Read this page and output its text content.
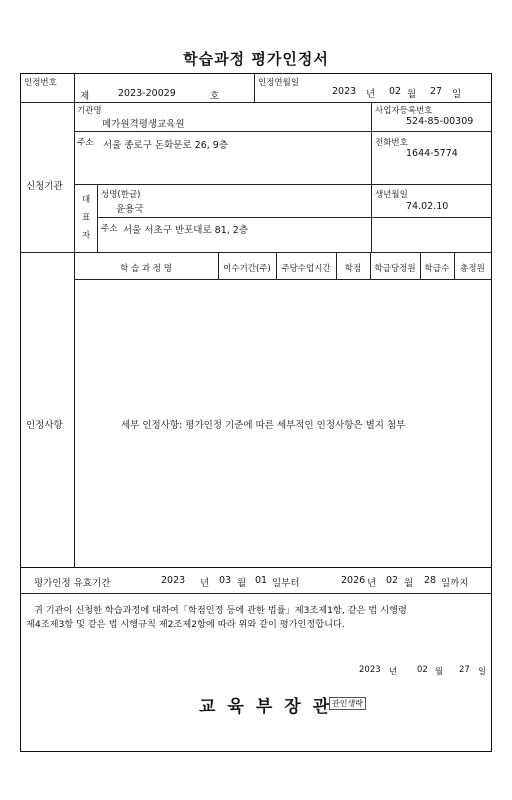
학습과정 평가인정서
인정번호
제	2023-20029	호
인정연월일
2023 년 02 월 27 일
신청기관
기관명
메가원격평생교육원
사업자등록번호
524-85-00309
주소 서울 종로구 돈화문로 26, 9층	전화번호
1644-5774
대
표
자
성명(한글)
윤용국
생년월일
74.02.10
주소 서울 서초구 반포대로 81, 2층
인정사항
학 습 과 정 명	이수기간(주)	주당수업시간	학점	학급당정원	학급수	총정원
세부 인정사항: 평가인정 기준에 따른 세부적인 인정사항은 별지 첨부
평가인정 유효기간	2023 년 03 월 01 일부터	2026 년 02 월 28 일까지
귀 기관이 신청한 학습과정에 대하여「학점인정 등에 관한 법률」제3조제1항, 같은 법 시행령
제4조제3항 및 같은 법 시행규칙 제2조제2항에 따라 위와 같이 평가인정합니다.
2023 년 02 월 27 일
교육부장관
관인생략
